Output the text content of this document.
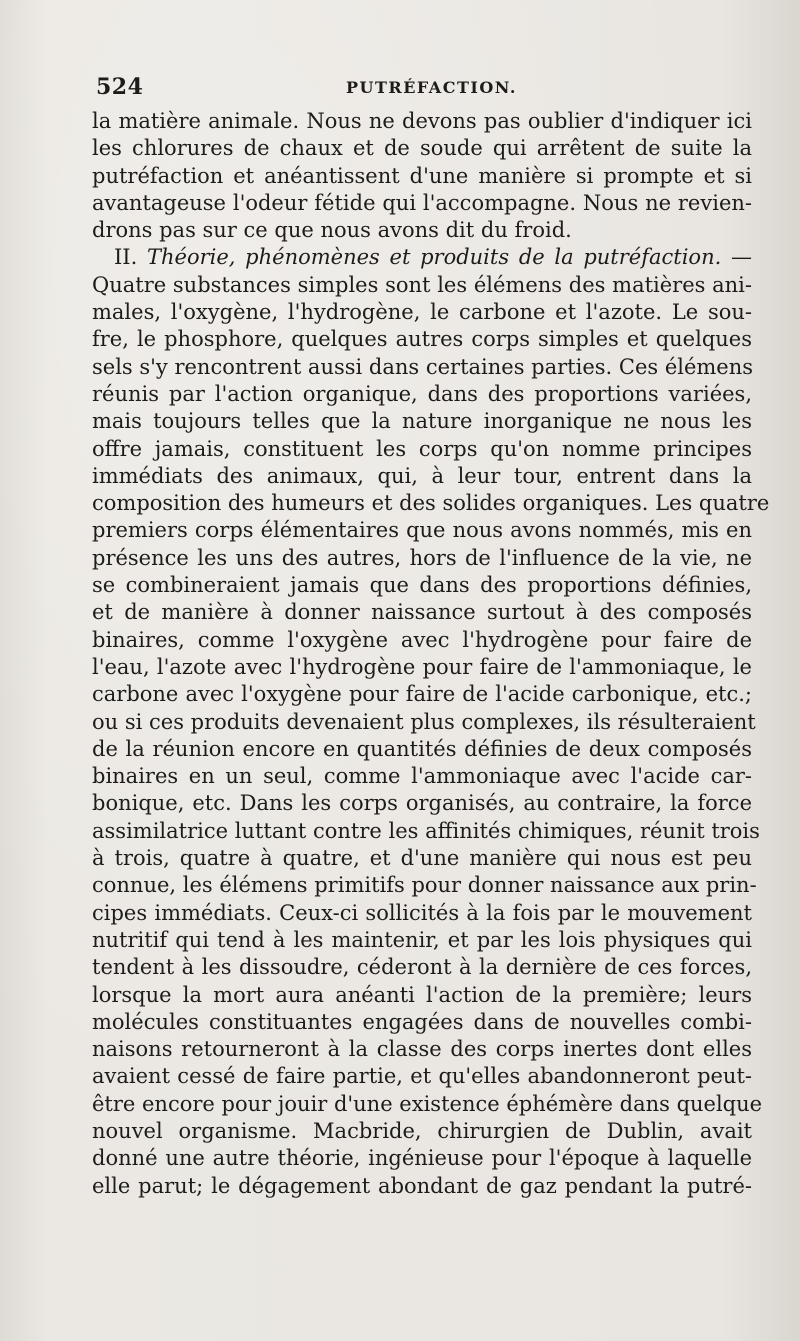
524	PUTRÉFACTION.
la matière animale. Nous ne devons pas oublier d'indiquer ici
les chlorures de chaux et de soude qui arrêtent de suite la
putréfaction et anéantissent d'une manière si prompte et si
avantageuse l'odeur fétide qui l'accompagne. Nous ne revien-
drons pas sur ce que nous avons dit du froid.
II. Théorie, phénomènes et produits de la putréfaction. —
Quatre substances simples sont les élémens des matières ani-
males, l'oxygène, l'hydrogène, le carbone et l'azote. Le sou-
fre, le phosphore, quelques autres corps simples et quelques
sels s'y rencontrent aussi dans certaines parties. Ces élémens
réunis par l'action organique, dans des proportions variées,
mais toujours telles que la nature inorganique ne nous les
offre jamais, constituent les corps qu'on nomme principes
immédiats des animaux, qui, à leur tour, entrent dans la
composition des humeurs et des solides organiques. Les quatre
premiers corps élémentaires que nous avons nommés, mis en
présence les uns des autres, hors de l'influence de la vie, ne
se combineraient jamais que dans des proportions définies,
et de manière à donner naissance surtout à des composés
binaires, comme l'oxygène avec l'hydrogène pour faire de
l'eau, l'azote avec l'hydrogène pour faire de l'ammoniaque, le
carbone avec l'oxygène pour faire de l'acide carbonique, etc.;
ou si ces produits devenaient plus complexes, ils résulteraient
de la réunion encore en quantités définies de deux composés
binaires en un seul, comme l'ammoniaque avec l'acide car-
bonique, etc. Dans les corps organisés, au contraire, la force
assimilatrice luttant contre les affinités chimiques, réunit trois
à trois, quatre à quatre, et d'une manière qui nous est peu
connue, les élémens primitifs pour donner naissance aux prin-
cipes immédiats. Ceux-ci sollicités à la fois par le mouvement
nutritif qui tend à les maintenir, et par les lois physiques qui
tendent à les dissoudre, céderont à la dernière de ces forces,
lorsque la mort aura anéanti l'action de la première; leurs
molécules constituantes engagées dans de nouvelles combi-
naisons retourneront à la classe des corps inertes dont elles
avaient cessé de faire partie, et qu'elles abandonneront peut-
être encore pour jouir d'une existence éphémère dans quelque
nouvel organisme. Macbride, chirurgien de Dublin, avait
donné une autre théorie, ingénieuse pour l'époque à laquelle
elle parut; le dégagement abondant de gaz pendant la putré-
